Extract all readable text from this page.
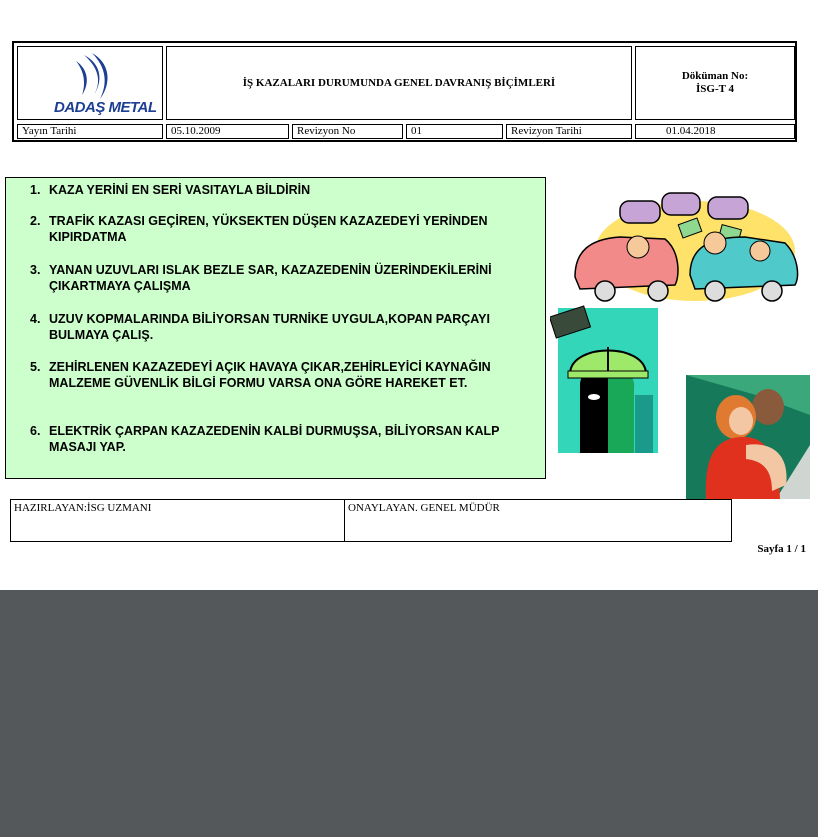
DADAŞ METAL
İŞ KAZALARI DURUMUNDA GENEL DAVRANIŞ BİÇİMLERİ
Döküman No:
İSG-T 4
Yayın Tarihi	05.10.2009	Revizyon No	01	Revizyon Tarihi	01.04.2018
1. KAZA YERİNİ EN SERİ VASITAYLA BİLDİRİN
2. TRAFİK KAZASI GEÇİREN, YÜKSEKTEN DÜŞEN KAZAZEDEYİ YERİNDEN KIPIRDATMA
3. YANAN UZUVLARI ISLAK BEZLE SAR, KAZAZEDENİN ÜZERİNDEKİLERİNİ ÇIKARTMAYA ÇALIŞMA
4. UZUV KOPMALARINDA BİLİYORSAN TURNİKE UYGULA,KOPAN PARÇAYI BULMAYA ÇALIŞ.
5. ZEHİRLENEN KAZAZEDEYİ AÇIK HAVAYA ÇIKAR,ZEHİRLEYİCİ KAYNAĞIN MALZEME GÜVENLİK BİLGİ FORMU VARSA ONA GÖRE HAREKET ET.
6. ELEKTRİK ÇARPAN KAZAZEDENİN KALBİ DURMUŞSA, BİLİYORSAN KALP MASAJI YAP.
HAZIRLAYAN:İSG UZMANI	ONAYLAYAN. GENEL MÜDÜR
Sayfa 1 / 1
